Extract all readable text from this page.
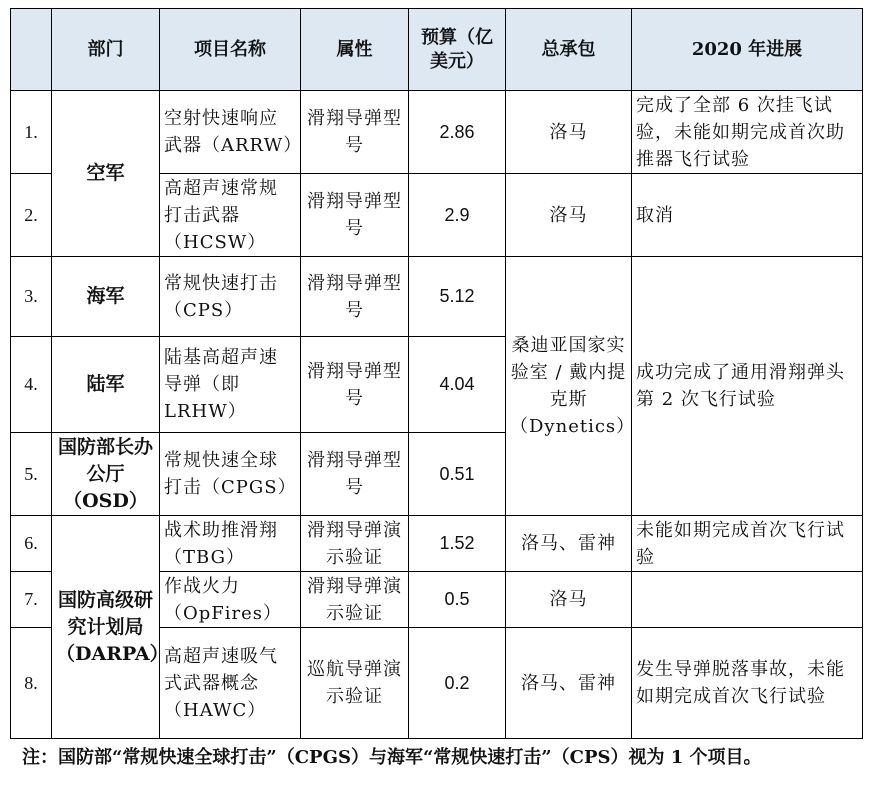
	部门	项目名称	属性	预算（亿美元）	总承包	2020 年进展
1.	空军	空射快速响应武器（ARRW）	滑翔导弹型号	2.86	洛马	完成了全部 6 次挂飞试验，未能如期完成首次助推器飞行试验
2.		高超声速常规打击武器（HCSW）	滑翔导弹型号	2.9	洛马	取消
3.	海军	常规快速打击（CPS）	滑翔导弹型号	5.12	桑迪亚国家实验室 / 戴内提克斯（Dynetics）	成功完成了通用滑翔弹头第 2 次飞行试验
4.	陆军	陆基高超声速导弹（即 LRHW）	滑翔导弹型号	4.04		
5.	国防部长办公厅（OSD）	常规快速全球打击（CPGS）	滑翔导弹型号	0.51		
6.	国防高级研究计划局（DARPA）	战术助推滑翔（TBG）	滑翔导弹演示验证	1.52	洛马、雷神	未能如期完成首次飞行试验
7.		作战火力（OpFires）	滑翔导弹演示验证	0.5	洛马	
8.		高超声速吸气式武器概念（HAWC）	巡航导弹演示验证	0.2	洛马、雷神	发生导弹脱落事故，未能如期完成首次飞行试验
注：国防部“常规快速全球打击”（CPGS）与海军“常规快速打击”（CPS）视为 1 个项目。
